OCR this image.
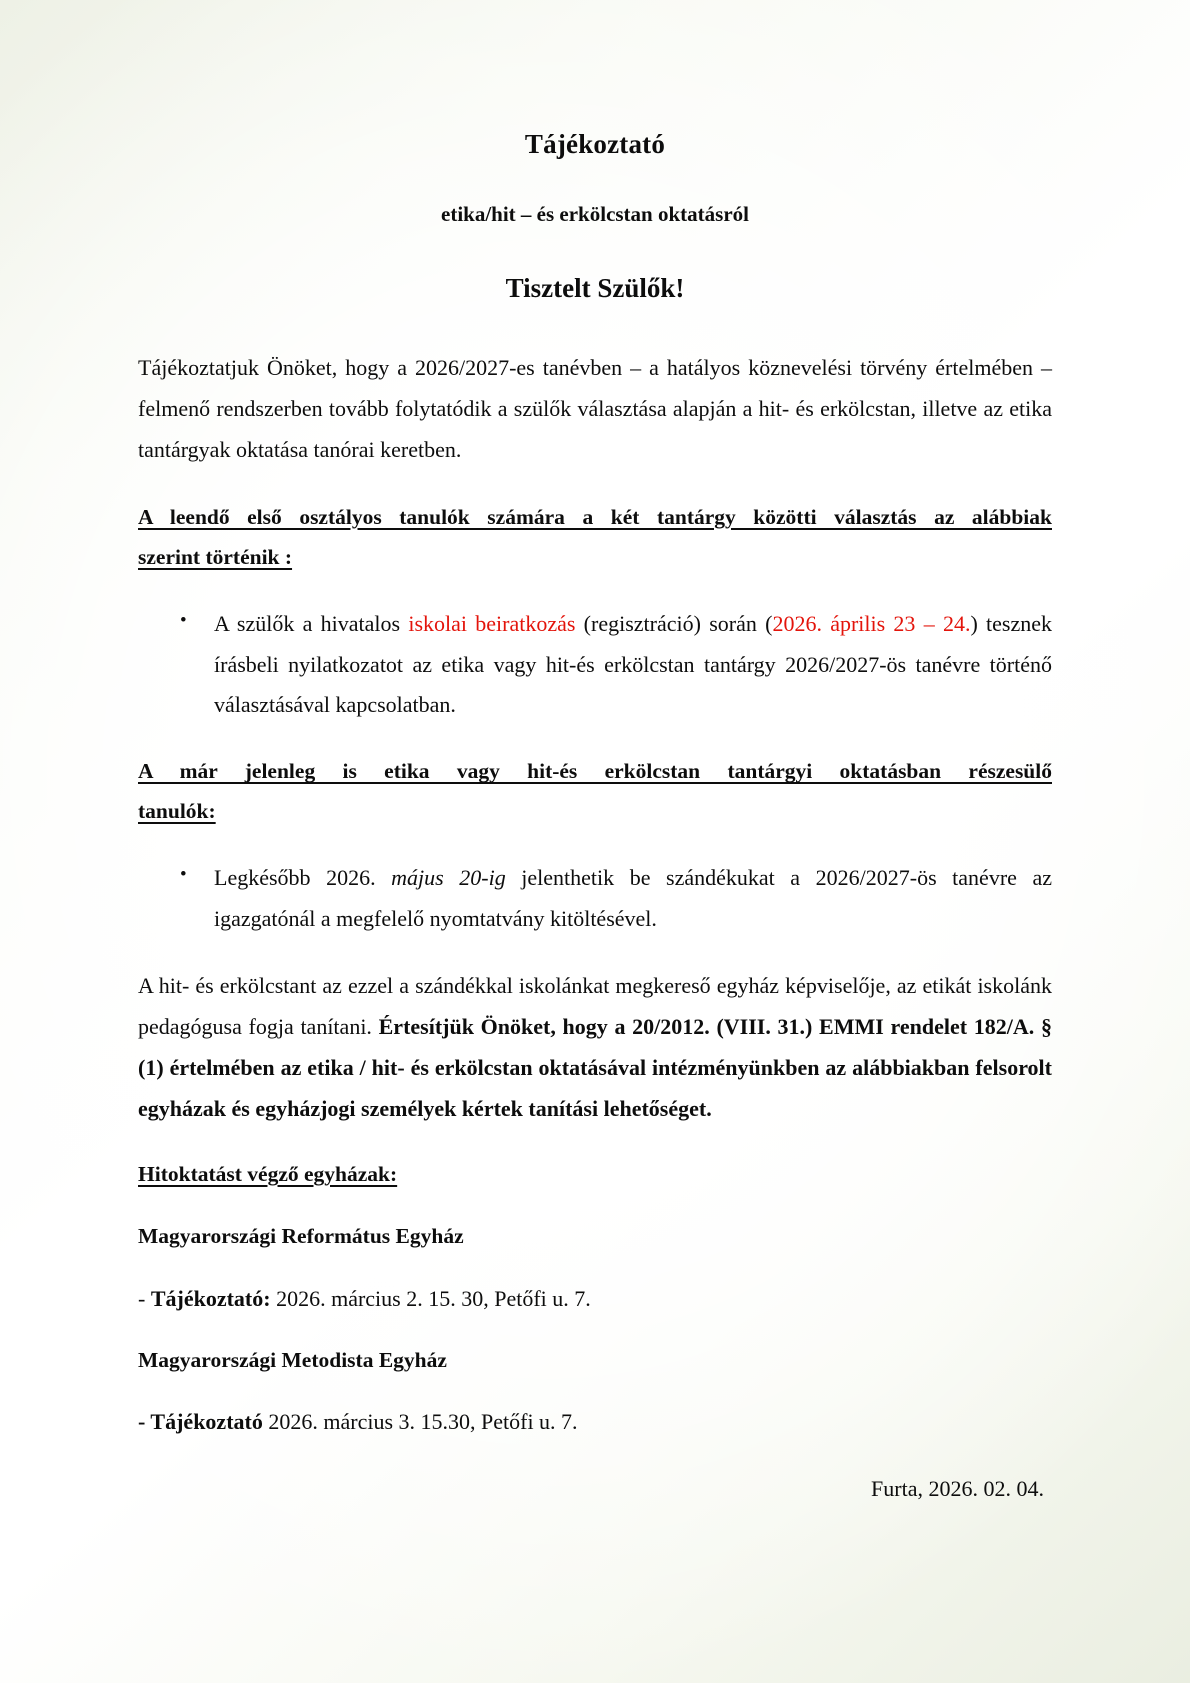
Tájékoztató
etika/hit – és erkölcstan oktatásról
Tisztelt Szülők!

Tájékoztatjuk Önöket, hogy a 2026/2027-es tanévben – a hatályos köznevelési törvény értelmében – felmenő rendszerben tovább folytatódik a szülők választása alapján a hit- és erkölcstan, illetve az etika tantárgyak oktatása tanórai keretben.

A leendő első osztályos tanulók számára a két tantárgy közötti választás az alábbiak
szerint történik :
• A szülők a hivatalos iskolai beiratkozás (regisztráció) során (2026. április 23 – 24.) tesznek írásbeli nyilatkozatot az etika vagy hit-és erkölcstan tantárgy 2026/2027-ös tanévre történő választásával kapcsolatban.
A már jelenleg is etika vagy hit-és erkölcstan tantárgyi oktatásban részesülő
tanulók:
• Legkésőbb 2026. május 20-ig jelenthetik be szándékukat a 2026/2027-ös tanévre az igazgatónál a megfelelő nyomtatvány kitöltésével.

A hit- és erkölcstant az ezzel a szándékkal iskolánkat megkereső egyház képviselője, az etikát iskolánk pedagógusa fogja tanítani. Értesítjük Önöket, hogy a 20/2012. (VIII. 31.) EMMI rendelet 182/A. § (1) értelmében az etika / hit- és erkölcstan oktatásával intézményünkben az alábbiakban felsorolt egyházak és egyházjogi személyek kértek tanítási lehetőséget.

Hitoktatást végző egyházak:
Magyarországi Református Egyház
- Tájékoztató: 2026. március 2. 15. 30, Petőfi u. 7.
Magyarországi Metodista Egyház
- Tájékoztató 2026. március 3. 15.30, Petőfi u. 7.
Furta, 2026. 02. 04.
